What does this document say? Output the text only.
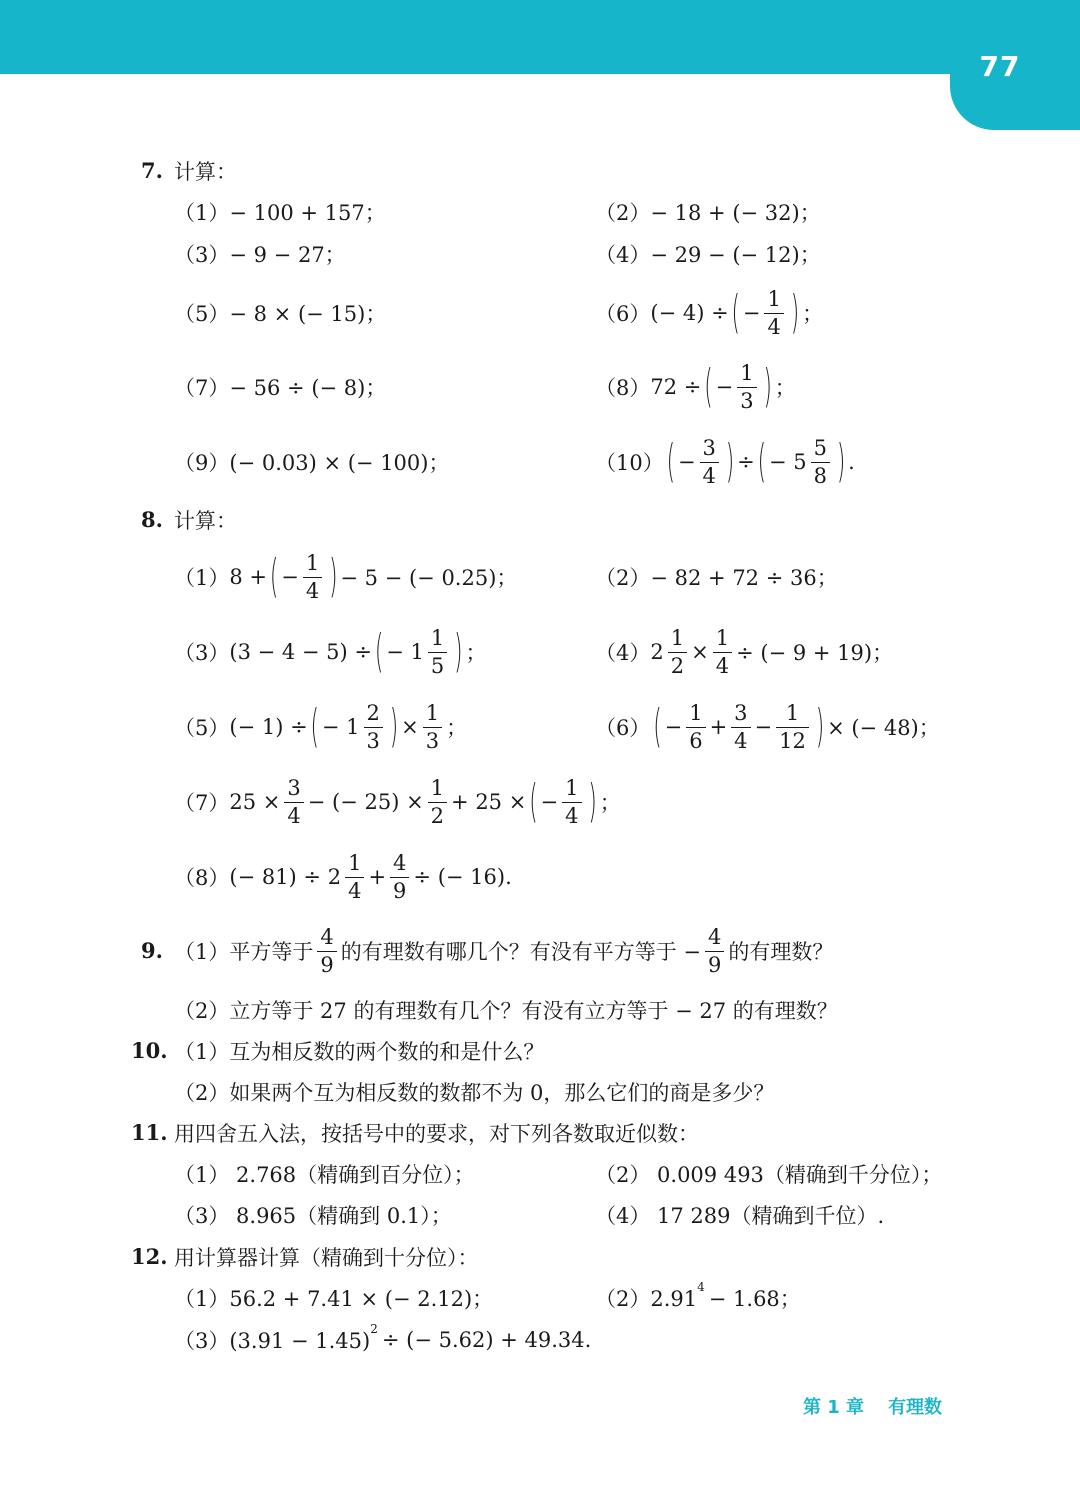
77
7. 计算：
（1） − 100 + 157；	（2） − 18 + (− 32)；
（3） − 9 − 27；	（4） − 29 − (− 12)；
（5） − 8 × (− 15)；	（6） (− 4) ÷ ( − $\frac{1}{4}$ ) ；
（7） − 56 ÷ (− 8)；	（8） 72 ÷ ( − $\frac{1}{3}$ ) ；
（9） (− 0.03) × (− 100)；	（10） ( − $\frac{3}{4}$ ) ÷ ( − $5 \frac{5}{8}$ ) .
8. 计算：
（1） 8 + ( − $\frac{1}{4}$ ) − 5 − (− 0.25)；	（2） − 82 + 72 ÷ 36；
（3） (3 − 4 − 5) ÷ ( − $1 \frac{1}{5}$ ) ；	（4） $2 \frac{1}{2} \times \frac{1}{4}$ ÷ (− 9 + 19)；
（5） (− 1) ÷ ( − $1 \frac{2}{3}$ ) × $\frac{1}{3}$ ；	（6） ( − $\frac{1}{6} + \frac{3}{4} - \frac{1}{12}$ ) × (− 48)；
（7） $25 \times \frac{3}{4}$ − (− $25) \times \frac{1}{2} + 25$ × ( − $\frac{1}{4}$ ) ；
（8） (− $81) \div 2 \frac{1}{4} + \frac{4}{9}$ ÷ (− 16).
9. （1） 平方等于 $\frac{4}{9}$ 的有理数有哪几个？有没有平方等于 − $\frac{4}{9}$ 的有理数？
（2） 立方等于 27 的有理数有几个？有没有立方等于 − 27 的有理数？
10. （1）互为相反数的两个数的和是什么？
（2）如果两个互为相反数的数都不为 0，那么它们的商是多少？
11. 用四舍五入法，按括号中的要求，对下列各数取近似数：
（1） 2.768（精确到百分位）；	（2） 0.009 493（精确到千分位）；
（3） 8.965（精确到 0.1）；	（4） 17 289（精确到千位）.
12. 用计算器计算（精确到十分位）：
（1）56.2 + 7.41 × (− 2.12)；	（2）2.91 4 − 1.68；
（3）(3.91 − 1.45) 2 ÷ (− 5.62) + 49.34.
第 1 章 有理数
